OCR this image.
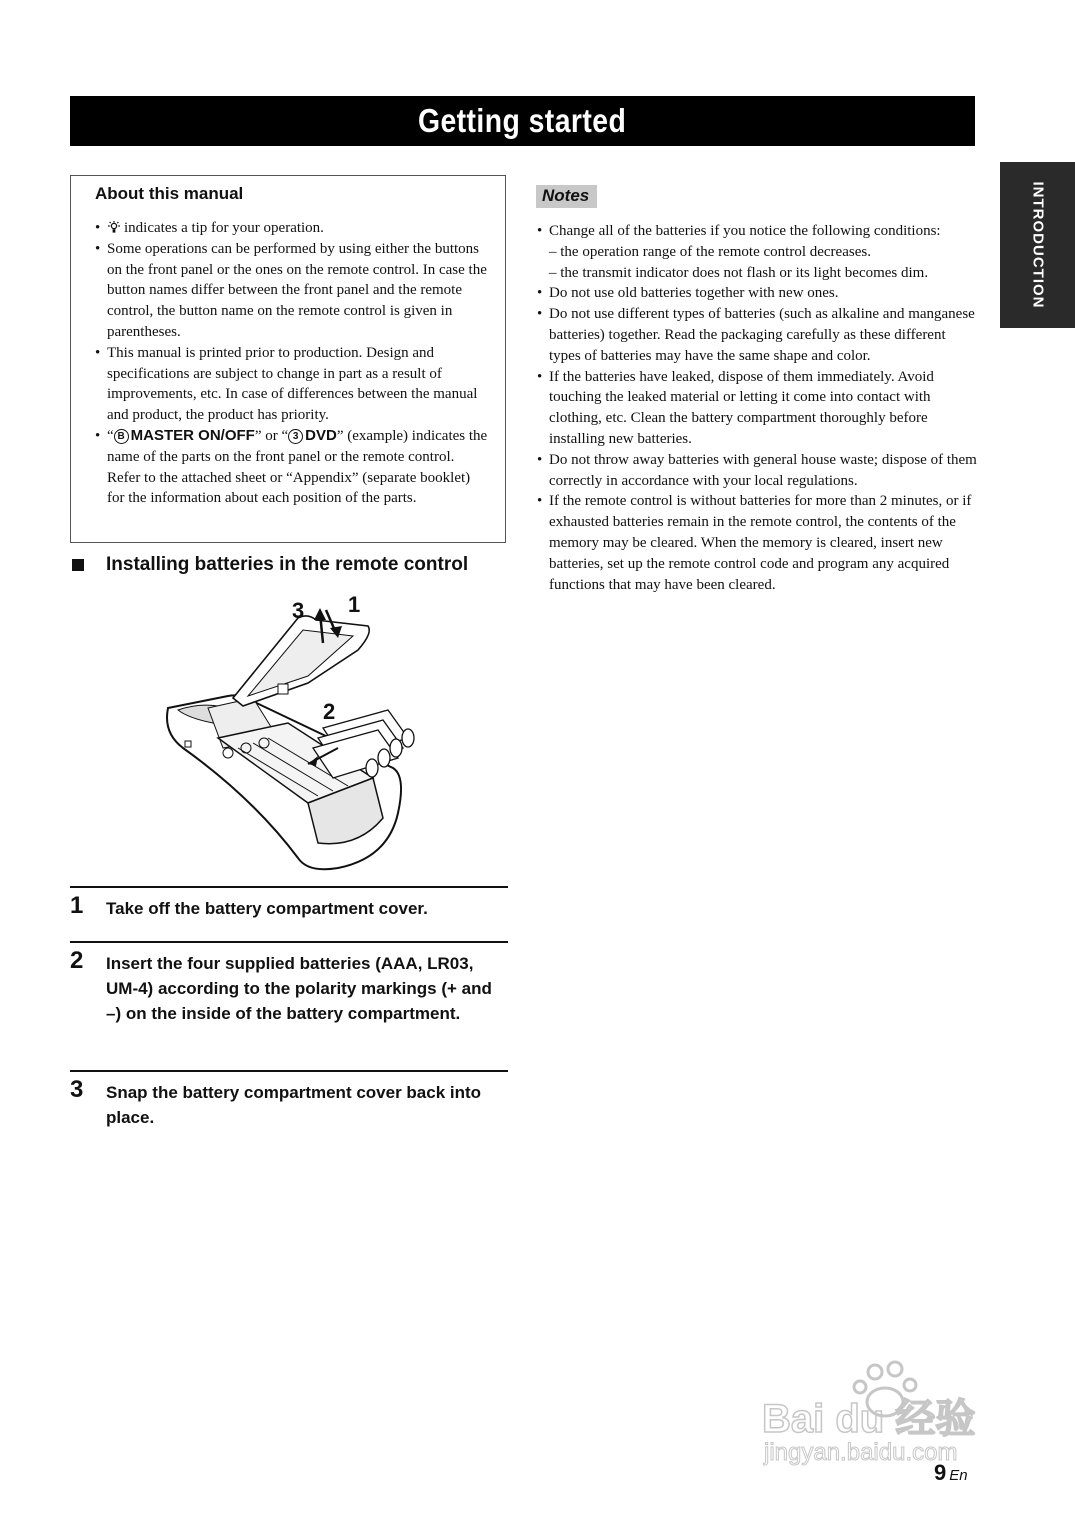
Getting started
INTRODUCTION
About this manual
• indicates a tip for your operation.
• Some operations can be performed by using either the buttons on the front panel or the ones on the remote control. In case the button names differ between the front panel and the remote control, the button name on the remote control is given in parentheses.
• This manual is printed prior to production. Design and specifications are subject to change in part as a result of improvements, etc. In case of differences between the manual and product, the product has priority.
• “ B MASTER ON/OFF” or “ 3 DVD” (example) indicates the name of the parts on the front panel or the remote control. Refer to the attached sheet or “Appendix” (separate booklet) for the information about each position of the parts.
Installing batteries in the remote control
3 1
2
1 Take off the battery compartment cover.
2 Insert the four supplied batteries (AAA, LR03, UM-4) according to the polarity markings (+ and –) on the inside of the battery compartment.
3 Snap the battery compartment cover back into place.
Notes
• Change all of the batteries if you notice the following conditions:
– the operation range of the remote control decreases.
– the transmit indicator does not flash or its light becomes dim.
• Do not use old batteries together with new ones.
• Do not use different types of batteries (such as alkaline and manganese batteries) together. Read the packaging carefully as these different types of batteries may have the same shape and color.
• If the batteries have leaked, dispose of them immediately. Avoid touching the leaked material or letting it come into contact with clothing, etc. Clean the battery compartment thoroughly before installing new batteries.
• Do not throw away batteries with general house waste; dispose of them correctly in accordance with your local regulations.
• If the remote control is without batteries for more than 2 minutes, or if exhausted batteries remain in the remote control, the contents of the memory may be cleared. When the memory is cleared, insert new batteries, set up the remote control code and program any acquired functions that may have been cleared.
Bai du 经验
jingyan.baidu.com
9 En
